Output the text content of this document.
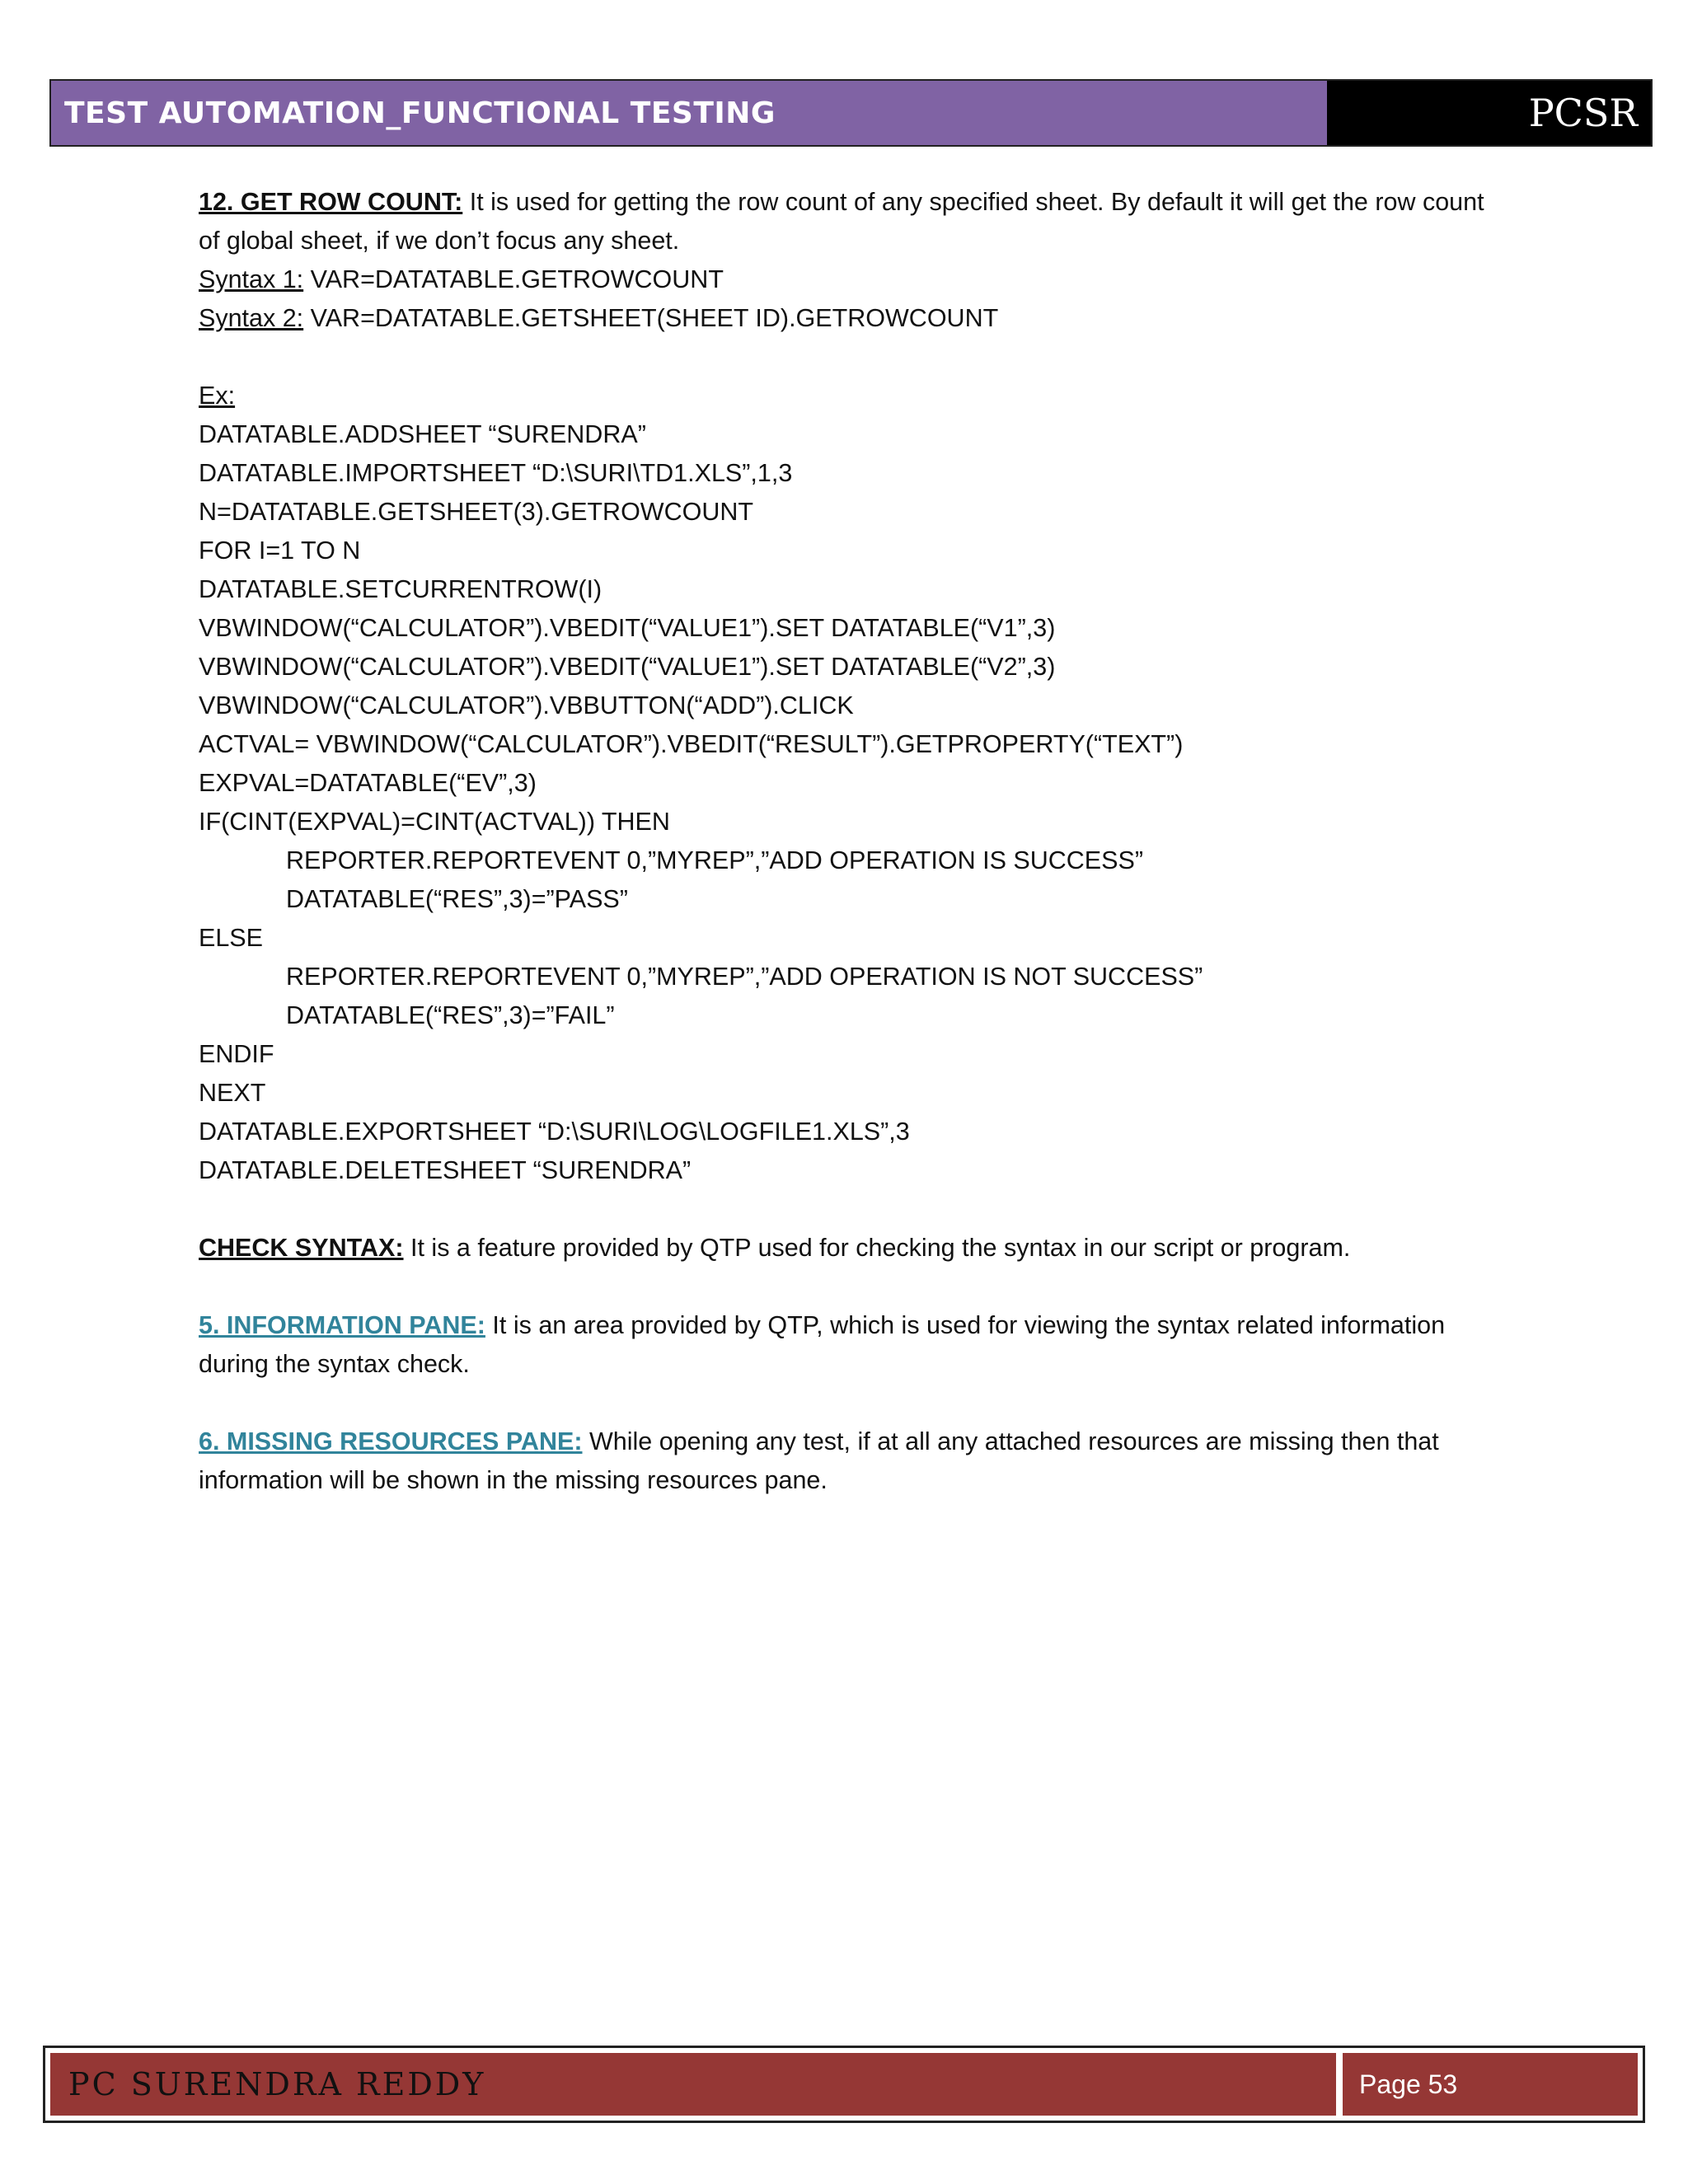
TEST AUTOMATION_FUNCTIONAL TESTING	PCSR

12. GET ROW COUNT: It is used for getting the row count of any specified sheet. By default it will get the row count

of global sheet, if we don’t focus any sheet.

Syntax 1: VAR=DATATABLE.GETROWCOUNT

Syntax 2: VAR=DATATABLE.GETSHEET(SHEET ID).GETROWCOUNT

Ex:

DATATABLE.ADDSHEET “SURENDRA”
DATATABLE.IMPORTSHEET “D:\SURI\TD1.XLS”,1,3
N=DATATABLE.GETSHEET(3).GETROWCOUNT
FOR I=1 TO N
DATATABLE.SETCURRENTROW(I)
VBWINDOW(“CALCULATOR”).VBEDIT(“VALUE1”).SET DATATABLE(“V1”,3)
VBWINDOW(“CALCULATOR”).VBEDIT(“VALUE1”).SET DATATABLE(“V2”,3)
VBWINDOW(“CALCULATOR”).VBBUTTON(“ADD”).CLICK
ACTVAL= VBWINDOW(“CALCULATOR”).VBEDIT(“RESULT”).GETPROPERTY(“TEXT”)
EXPVAL=DATATABLE(“EV”,3)
IF(CINT(EXPVAL)=CINT(ACTVAL)) THEN
REPORTER.REPORTEVENT 0,”MYREP”,”ADD OPERATION IS SUCCESS”
DATATABLE(“RES”,3)=”PASS”
ELSE
REPORTER.REPORTEVENT 0,”MYREP”,”ADD OPERATION IS NOT SUCCESS”
DATATABLE(“RES”,3)=”FAIL”
ENDIF
NEXT
DATATABLE.EXPORTSHEET “D:\SURI\LOG\LOGFILE1.XLS”,3
DATATABLE.DELETESHEET “SURENDRA”

CHECK SYNTAX: It is a feature provided by QTP used for checking the syntax in our script or program.

5. INFORMATION PANE: It is an area provided by QTP, which is used for viewing the syntax related information

during the syntax check.

6. MISSING RESOURCES PANE: While opening any test, if at all any attached resources are missing then that

information will be shown in the missing resources pane.

PC SURENDRA REDDY	Page 53
